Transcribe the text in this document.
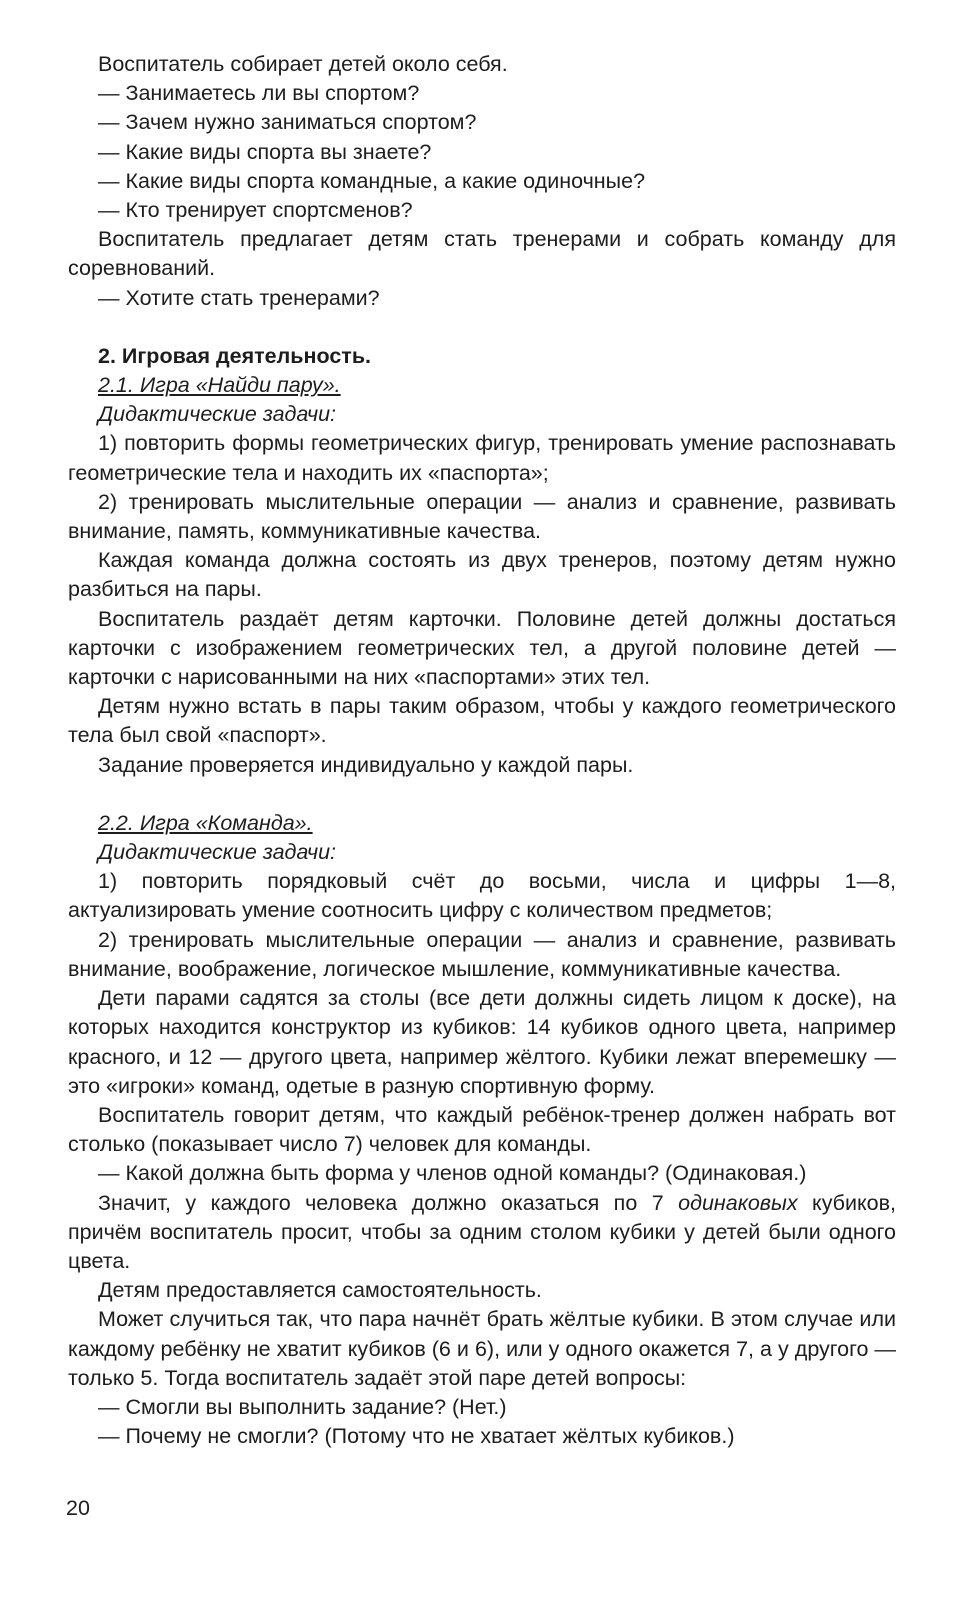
Воспитатель собирает детей около себя.

— Занимаетесь ли вы спортом?

— Зачем нужно заниматься спортом?

— Какие виды спорта вы знаете?

— Какие виды спорта командные, а какие одиночные?

— Кто тренирует спортсменов?

Воспитатель предлагает детям стать тренерами и собрать команду для соревнований.

— Хотите стать тренерами?

2. Игровая деятельность.

2.1. Игра «Найди пару».

Дидактические задачи:

1) повторить формы геометрических фигур, тренировать умение распознавать геометрические тела и находить их «паспорта»;

2) тренировать мыслительные операции — анализ и сравнение, развивать внимание, память, коммуникативные качества.

Каждая команда должна состоять из двух тренеров, поэтому детям нужно разбиться на пары.

Воспитатель раздаёт детям карточки. Половине детей должны достаться карточки с изображением геометрических тел, а другой половине детей — карточки с нарисованными на них «паспортами» этих тел.

Детям нужно встать в пары таким образом, чтобы у каждого геометрического тела был свой «паспорт».

Задание проверяется индивидуально у каждой пары.

2.2. Игра «Команда».

Дидактические задачи:

1) повторить порядковый счёт до восьми, числа и цифры 1—8, актуализировать умение соотносить цифру с количеством предметов;

2) тренировать мыслительные операции — анализ и сравнение, развивать внимание, воображение, логическое мышление, коммуникативные качества.

Дети парами садятся за столы (все дети должны сидеть лицом к доске), на которых находится конструктор из кубиков: 14 кубиков одного цвета, например красного, и 12 — другого цвета, например жёлтого. Кубики лежат вперемешку — это «игроки» команд, одетые в разную спортивную форму.

Воспитатель говорит детям, что каждый ребёнок-тренер должен набрать вот столько (показывает число 7) человек для команды.

— Какой должна быть форма у членов одной команды? (Одинаковая.)

Значит, у каждого человека должно оказаться по 7 одинаковых кубиков, причём воспитатель просит, чтобы за одним столом кубики у детей были одного цвета.

Детям предоставляется самостоятельность.

Может случиться так, что пара начнёт брать жёлтые кубики. В этом случае или каждому ребёнку не хватит кубиков (6 и 6), или у одного окажется 7, а у другого — только 5. Тогда воспитатель задаёт этой паре детей вопросы:

— Смогли вы выполнить задание? (Нет.)

— Почему не смогли? (Потому что не хватает жёлтых кубиков.)

20
